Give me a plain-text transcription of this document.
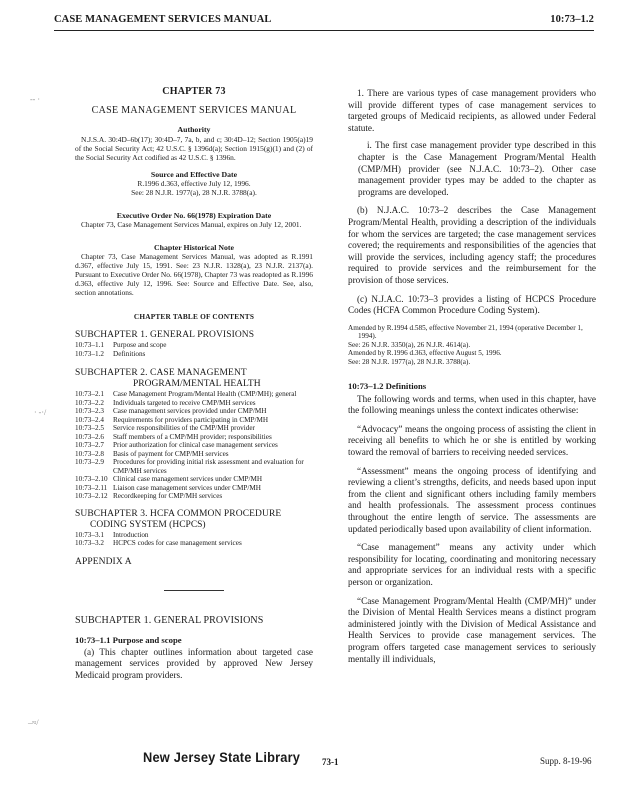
CASE MANAGEMENT SERVICES MANUAL	10:73–1.2
-- ·
· -·/
–≈/
CHAPTER 73
CASE MANAGEMENT SERVICES MANUAL
Authority
N.J.S.A. 30:4D–6b(17); 30:4D–7, 7a, b, and c; 30:4D–12; Section 1905(a)19 of the Social Security Act; 42 U.S.C. § 1396d(a); Section 1915(g)(1) and (2) of the Social Security Act codified as 42 U.S.C. § 1396n.
Source and Effective Date
R.1996 d.363, effective July 12, 1996.
See: 28 N.J.R. 1977(a), 28 N.J.R. 3788(a).
Executive Order No. 66(1978) Expiration Date
Chapter 73, Case Management Services Manual, expires on July 12, 2001.
Chapter Historical Note
Chapter 73, Case Management Services Manual, was adopted as R.1991 d.367, effective July 15, 1991. See: 23 N.J.R. 1328(a), 23 N.J.R. 2137(a). Pursuant to Executive Order No. 66(1978), Chapter 73 was readopted as R.1996 d.363, effective July 12, 1996. See: Source and Effective Date. See, also, section annotations.
CHAPTER TABLE OF CONTENTS
SUBCHAPTER 1. GENERAL PROVISIONS
10:73–1.1	Purpose and scope
10:73–1.2	Definitions
SUBCHAPTER 2. CASE MANAGEMENT
PROGRAM/MENTAL HEALTH
10:73–2.1	Case Management Program/Mental Health (CMP/MH); general
10:73–2.2	Individuals targeted to receive CMP/MH services
10:73–2.3	Case management services provided under CMP/MH
10:73–2.4	Requirements for providers participating in CMP/MH
10:73–2.5	Service responsibilities of the CMP/MH provider
10:73–2.6	Staff members of a CMP/MH provider; responsibilities
10:73–2.7	Prior authorization for clinical case management services
10:73–2.8	Basis of payment for CMP/MH services
10:73–2.9	Procedures for providing initial risk assessment and evaluation for CMP/MH services
10:73–2.10 Clinical case management services under CMP/MH
10:73–2.11 Liaison case management services under CMP/MH
10:73–2.12 Recordkeeping for CMP/MH services
SUBCHAPTER 3. HCFA COMMON PROCEDURE
CODING SYSTEM (HCPCS)
10:73–3.1	Introduction
10:73–3.2	HCPCS codes for case management services
APPENDIX A
SUBCHAPTER 1. GENERAL PROVISIONS
10:73–1.1 Purpose and scope
(a) This chapter outlines information about targeted case management services provided by approved New Jersey Medicaid program providers.
1. There are various types of case management providers who will provide different types of case management services to targeted groups of Medicaid recipients, as allowed under Federal statute.
i. The first case management provider type described in this chapter is the Case Management Program/Mental Health (CMP/MH) provider (see N.J.A.C. 10:73–2). Other case management provider types may be added to the chapter as programs are developed.
(b) N.J.A.C. 10:73–2 describes the Case Management Program/Mental Health, providing a description of the individuals for whom the services are targeted; the case management services covered; the requirements and responsibilities of the agencies that will provide the services, including agency staff; the procedures required to provide services and the reimbursement for the provision of those services.
(c) N.J.A.C. 10:73–3 provides a listing of HCPCS Procedure Codes (HCFA Common Procedure Coding System).
Amended by R.1994 d.585, effective November 21, 1994 (operative December 1, 1994).
See: 26 N.J.R. 3350(a), 26 N.J.R. 4614(a).
Amended by R.1996 d.363, effective August 5, 1996.
See: 28 N.J.R. 1977(a), 28 N.J.R. 3788(a).
10:73–1.2 Definitions
The following words and terms, when used in this chapter, have the following meanings unless the context indicates otherwise:
“Advocacy” means the ongoing process of assisting the client in receiving all benefits to which he or she is entitled by working toward the removal of barriers to receiving needed services.
“Assessment” means the ongoing process of identifying and reviewing a client’s strengths, deficits, and needs based upon input from the client and significant others including family members and health professionals. The assessment process continues throughout the entire length of service. The assessments are updated periodically based upon availability of client information.
“Case management” means any activity under which responsibility for locating, coordinating and monitoring necessary and appropriate services for an individual rests with a specific person or organization.
“Case Management Program/Mental Health (CMP/MH)” under the Division of Mental Health Services means a distinct program administered jointly with the Division of Medical Assistance and Health Services to provide case management services. The program offers targeted case management services to seriously mentally ill individuals,
New Jersey State Library 73-1	Supp. 8-19-96
